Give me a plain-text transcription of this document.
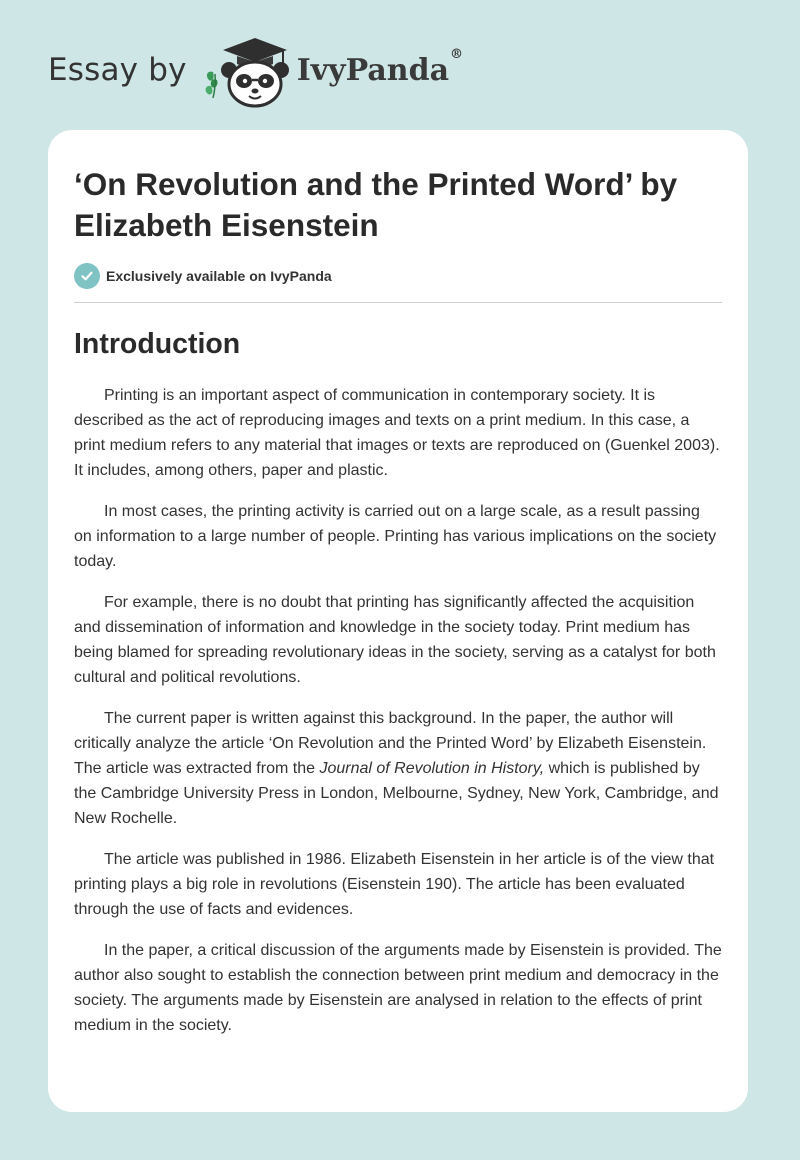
Essay by	IvyPanda®
‘On Revolution and the Printed Word’ by Elizabeth Eisenstein
Exclusively available on IvyPanda
Introduction

Printing is an important aspect of communication in contemporary society. It is described as the act of reproducing images and texts on a print medium. In this case, a print medium refers to any material that images or texts are reproduced on (Guenkel 2003). It includes, among others, paper and plastic.

In most cases, the printing activity is carried out on a large scale, as a result passing on information to a large number of people. Printing has various implications on the society today.

For example, there is no doubt that printing has significantly affected the acquisition and dissemination of information and knowledge in the society today. Print medium has being blamed for spreading revolutionary ideas in the society, serving as a catalyst for both cultural and political revolutions.

The current paper is written against this background. In the paper, the author will critically analyze the article ‘On Revolution and the Printed Word’ by Elizabeth Eisenstein. The article was extracted from the Journal of Revolution in History, which is published by the Cambridge University Press in London, Melbourne, Sydney, New York, Cambridge, and New Rochelle.

The article was published in 1986. Elizabeth Eisenstein in her article is of the view that printing plays a big role in revolutions (Eisenstein 190). The article has been evaluated through the use of facts and evidences.

In the paper, a critical discussion of the arguments made by Eisenstein is provided. The author also sought to establish the connection between print medium and democracy in the society. The arguments made by Eisenstein are analysed in relation to the effects of print medium in the society.
